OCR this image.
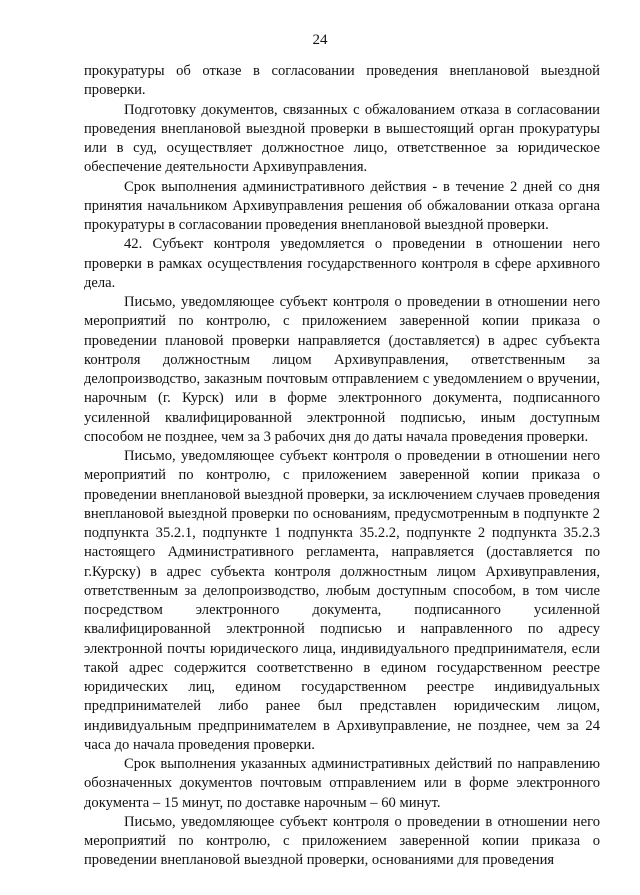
24

прокуратуры об отказе в согласовании проведения внеплановой выездной проверки.

Подготовку документов, связанных с обжалованием отказа в согласовании проведения внеплановой выездной проверки в вышестоящий орган прокуратуры или в суд, осуществляет должностное лицо, ответственное за юридическое обеспечение деятельности Архивуправления.

Срок выполнения административного действия - в течение 2 дней со дня принятия начальником Архивуправления решения об обжаловании отказа органа прокуратуры в согласовании проведения внеплановой выездной проверки.

42. Субъект контроля уведомляется о проведении в отношении него проверки в рамках осуществления государственного контроля в сфере архивного дела.

Письмо, уведомляющее субъект контроля о проведении в отношении него мероприятий по контролю, с приложением заверенной копии приказа о проведении плановой проверки направляется (доставляется) в адрес субъекта контроля должностным лицом Архивуправления, ответственным за делопроизводство, заказным почтовым отправлением с уведомлением о вручении, нарочным (г. Курск) или в форме электронного документа, подписанного усиленной квалифицированной электронной подписью, иным доступным способом не позднее, чем за 3 рабочих дня до даты начала проведения проверки.

Письмо, уведомляющее субъект контроля о проведении в отношении него мероприятий по контролю, с приложением заверенной копии приказа о проведении внеплановой выездной проверки, за исключением случаев проведения внеплановой выездной проверки по основаниям, предусмотренным в подпункте 2 подпункта 35.2.1, подпункте 1 подпункта 35.2.2, подпункте 2 подпункта 35.2.3 настоящего Административного регламента, направляется (доставляется по г.Курску) в адрес субъекта контроля должностным лицом Архивуправления, ответственным за делопроизводство, любым доступным способом, в том числе посредством электронного документа, подписанного усиленной квалифицированной электронной подписью и направленного по адресу электронной почты юридического лица, индивидуального предпринимателя, если такой адрес содержится соответственно в едином государственном реестре юридических лиц, едином государственном реестре индивидуальных предпринимателей либо ранее был представлен юридическим лицом, индивидуальным предпринимателем в Архивуправление, не позднее, чем за 24 часа до начала проведения проверки.

Срок выполнения указанных административных действий по направлению обозначенных документов почтовым отправлением или в форме электронного документа – 15 минут, по доставке нарочным – 60 минут.

Письмо, уведомляющее субъект контроля о проведении в отношении него мероприятий по контролю, с приложением заверенной копии приказа о проведении внеплановой выездной проверки, основаниями для проведения
